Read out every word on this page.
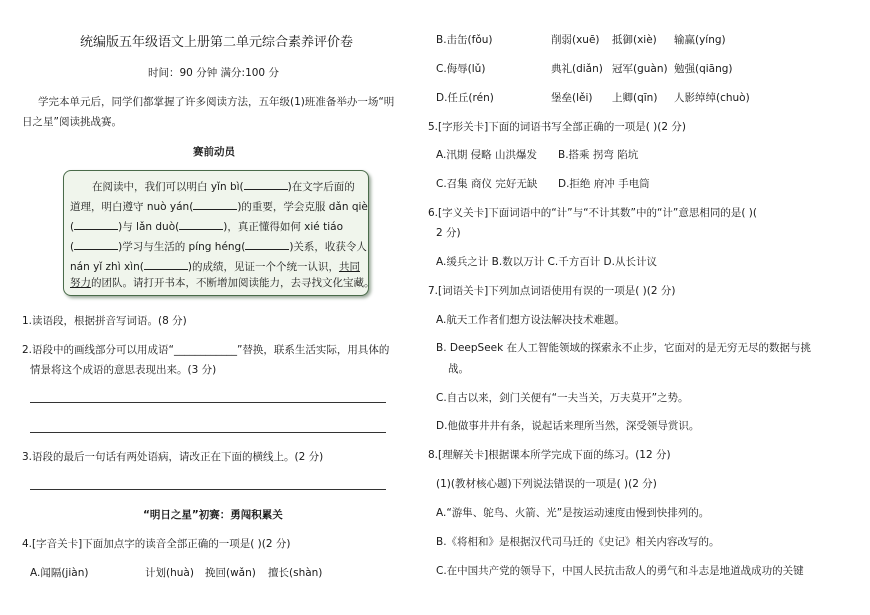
统编版五年级语文上册第二单元综合素养评价卷
时间：90 分钟 满分:100 分
学完本单元后，同学们都掌握了许多阅读方法，五年级(1)班准备举办一场“明
日之星”阅读挑战赛。
赛前动员
在阅读中，我们可以明白 yǐn bì(	)在文字后面的
道理，明白遵守 nuò yán(	)的重要，学会克服 dǎn qiè
(	)与 lǎn duò(	)，真正懂得如何 xié tiáo
(	)学习与生活的 píng héng(	)关系，收获令人
nán yǐ zhì xìn(	)的成绩，见证一个个统一认识，共同
努力的团队。请打开书本，不断增加阅读能力，去寻找文化宝藏。
1.读语段，根据拼音写词语。(8 分)
2.语段中的画线部分可以用成语“____________”替换，联系生活实际，用具体的
情景将这个成语的意思表现出来。(3 分)
3.语段的最后一句话有两处语病，请改正在下面的横线上。(2 分)
“明日之星”初赛：勇闯积累关
4.[字音关卡]下面加点字的读音全部正确的一项是( )(2 分)
A.闻隔(jiàn)	计划(huà) 挽回(wǎn) 擅长(shàn)
B.击缶(fǒu)	削弱(xuē) 抵御(xiè) 输赢(yíng)
C.侮辱(lǔ)	典礼(diǎn) 冠军(guàn) 勉强(qiāng)
D.任丘(rén)	堡垒(lěi) 上卿(qīn) 人影绰绰(chuò)
5.[字形关卡]下面的词语书写全部正确的一项是( )(2 分)
A.汛期 侵略 山洪爆发 B.搭乘 拐弯 陷坑
C.召集 商仪 完好无缺 D.拒绝 府冲 手电筒
6.[字义关卡]下面词语中的“计”与“不计其数”中的“计”意思相同的是( )(
2 分)
A.缓兵之计 B.数以万计 C.千方百计 D.从长计议
7.[词语关卡]下列加点词语使用有误的一项是( )(2 分)
A.航天工作者们想方设法解决技术难题。
B. DeepSeek 在人工智能领域的探索永不止步，它面对的是无穷无尽的数据与挑
战。
C.自古以来，剑门关便有“一夫当关，万夫莫开”之势。
D.他做事井井有条，说起话来理所当然，深受领导赏识。
8.[理解关卡]根据课本所学完成下面的练习。(12 分)
(1)(教材核心题)下列说法错误的一项是( )(2 分)
A.“游隼、鸵鸟、火箭、光”是按运动速度由慢到快排列的。
B.《将相和》是根据汉代司马迁的《史记》相关内容改写的。
C.在中国共产党的领导下，中国人民抗击敌人的勇气和斗志是地道战成功的关键
